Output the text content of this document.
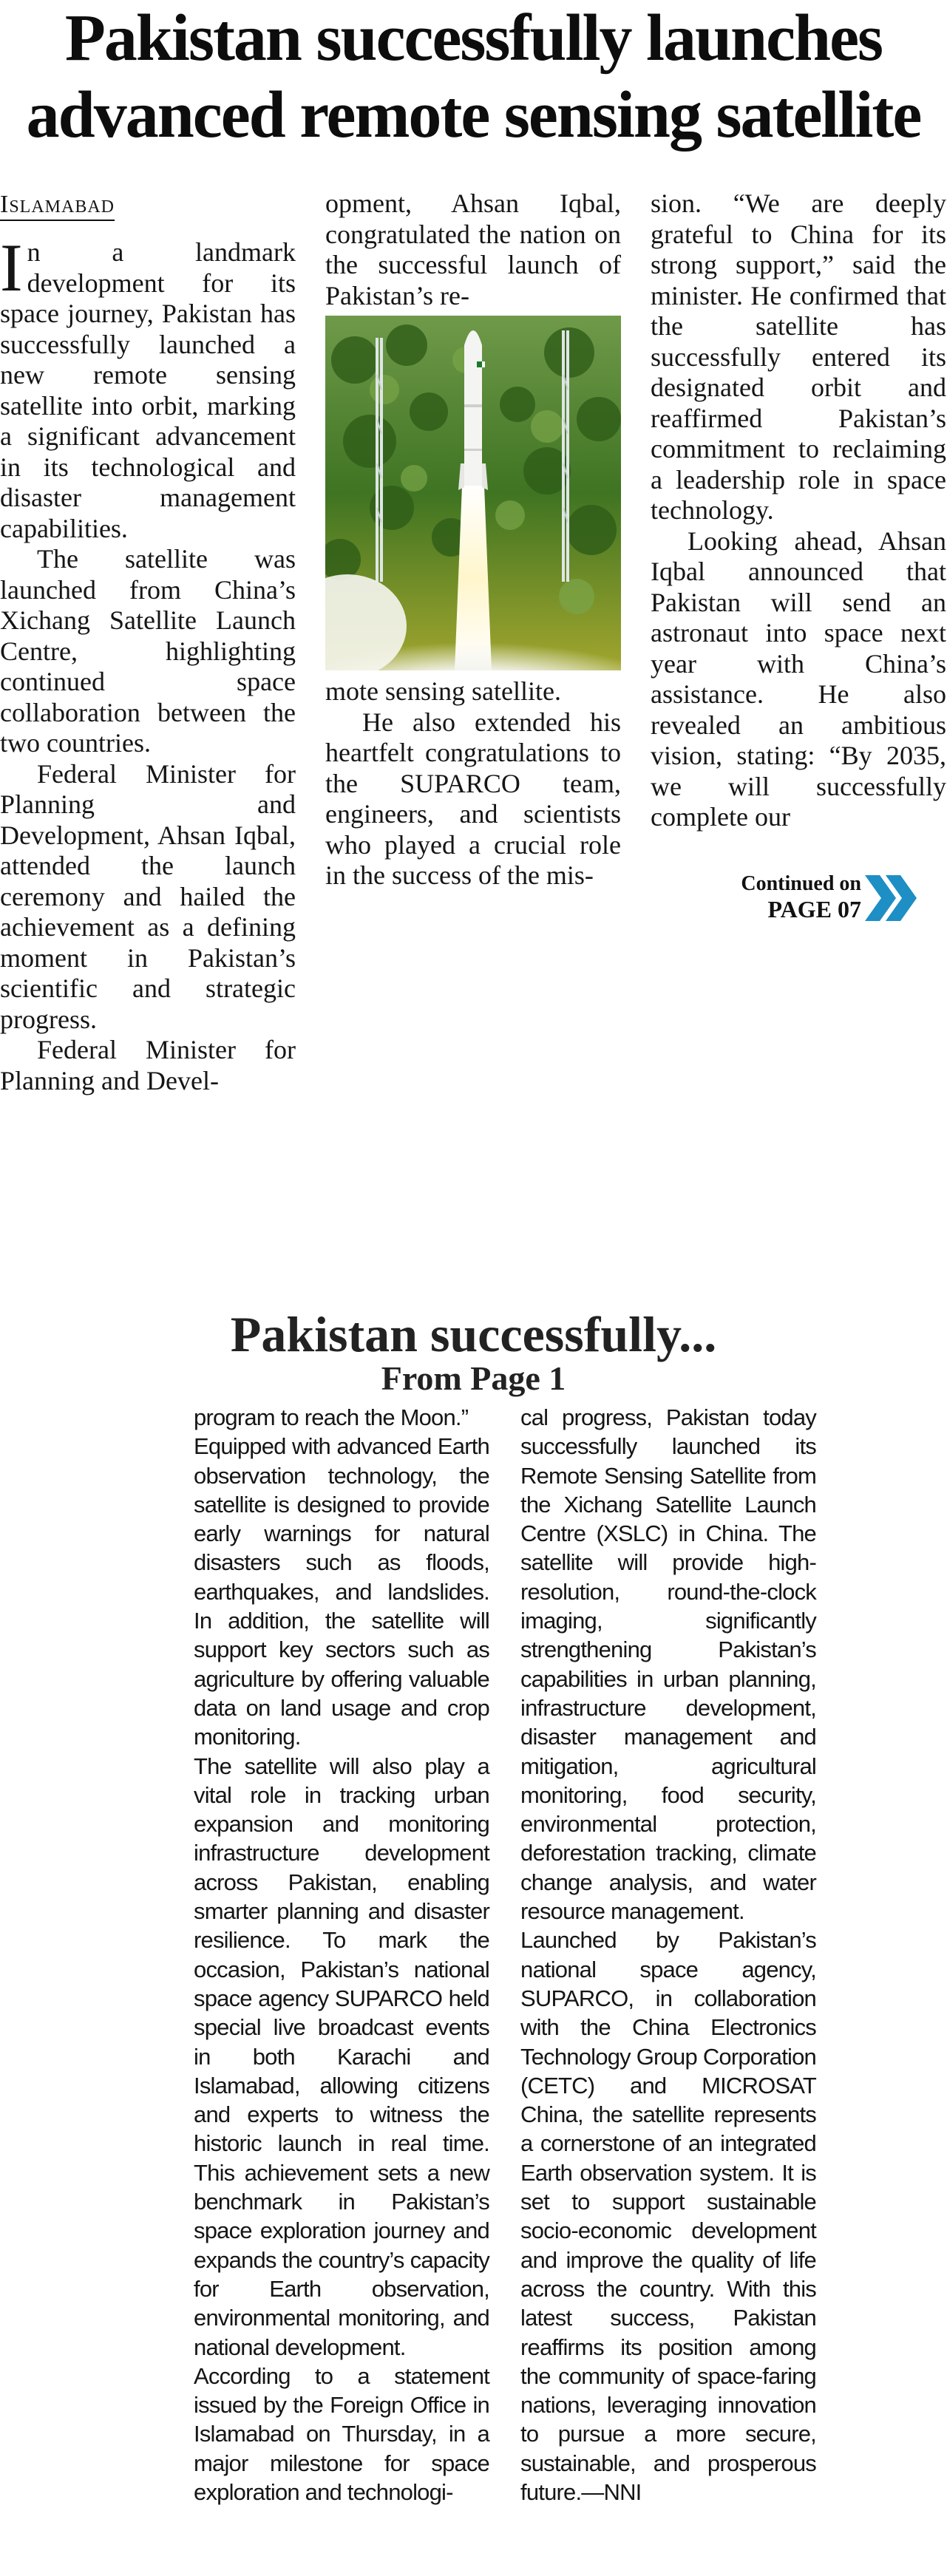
Pakistan successfully launches advanced remote sensing satellite
Islamabad

In a landmark development for its space journey, Pakistan has successfully launched a new remote sensing satellite into orbit, marking a significant advancement in its technological and disaster management capabilities.

The satellite was launched from China’s Xichang Satellite Launch Centre, highlighting continued space collaboration between the two countries.

Federal Minister for Planning and Development, Ahsan Iqbal, attended the launch ceremony and hailed the achievement as a defining moment in Pakistan’s scientific and strategic progress.

Federal Minister for Planning and Devel-

opment, Ahsan Iqbal, congratulated the nation on the successful launch of Pakistan’s re-

mote sensing satellite.

He also extended his heartfelt congratulations to the SUPARCO team, engineers, and scientists who played a crucial role in the success of the mis-

sion. “We are deeply grateful to China for its strong support,” said the minister. He confirmed that the satellite has successfully entered its designated orbit and reaffirmed Pakistan’s commitment to reclaiming a leadership role in space technology.

Looking ahead, Ahsan Iqbal announced that Pakistan will send an astronaut into space next year with China’s assistance. He also revealed an ambitious vision, stating: “By 2035, we will successfully complete our

Continued on
PAGE 07
Pakistan successfully...
From Page 1

program to reach the Moon.”

Equipped with advanced Earth observation technology, the satellite is designed to provide early warnings for natural disasters such as floods, earthquakes, and landslides. In addition, the satellite will support key sectors such as agriculture by offering valuable data on land usage and crop monitoring.

The satellite will also play a vital role in tracking urban expansion and monitoring infrastructure development across Pakistan, enabling smarter planning and disaster resilience. To mark the occasion, Pakistan’s national space agency SUPARCO held special live broadcast events in both Karachi and Islamabad, allowing citizens and experts to witness the historic launch in real time. This achievement sets a new benchmark in Pakistan’s space exploration journey and expands the country’s capacity for Earth observation, environmental monitoring, and national development.

According to a statement issued by the Foreign Office in Islamabad on Thursday, in a major milestone for space exploration and technologi-

cal progress, Pakistan today successfully launched its Remote Sensing Satellite from the Xichang Satellite Launch Centre (XSLC) in China. The satellite will provide high-resolution, round-the-clock imaging, significantly strengthening Pakistan’s capabilities in urban planning, infrastructure development, disaster management and mitigation, agricultural monitoring, food security, environmental protection, deforestation tracking, climate change analysis, and water resource management.

Launched by Pakistan’s national space agency, SUPARCO, in collaboration with the China Electronics Technology Group Corporation (CETC) and MICROSAT China, the satellite represents a cornerstone of an integrated Earth observation system. It is set to support sustainable socio-economic development and improve the quality of life across the country. With this latest success, Pakistan reaffirms its position among the community of space-faring nations, leveraging innovation to pursue a more secure, sustainable, and prosperous future.—NNI
